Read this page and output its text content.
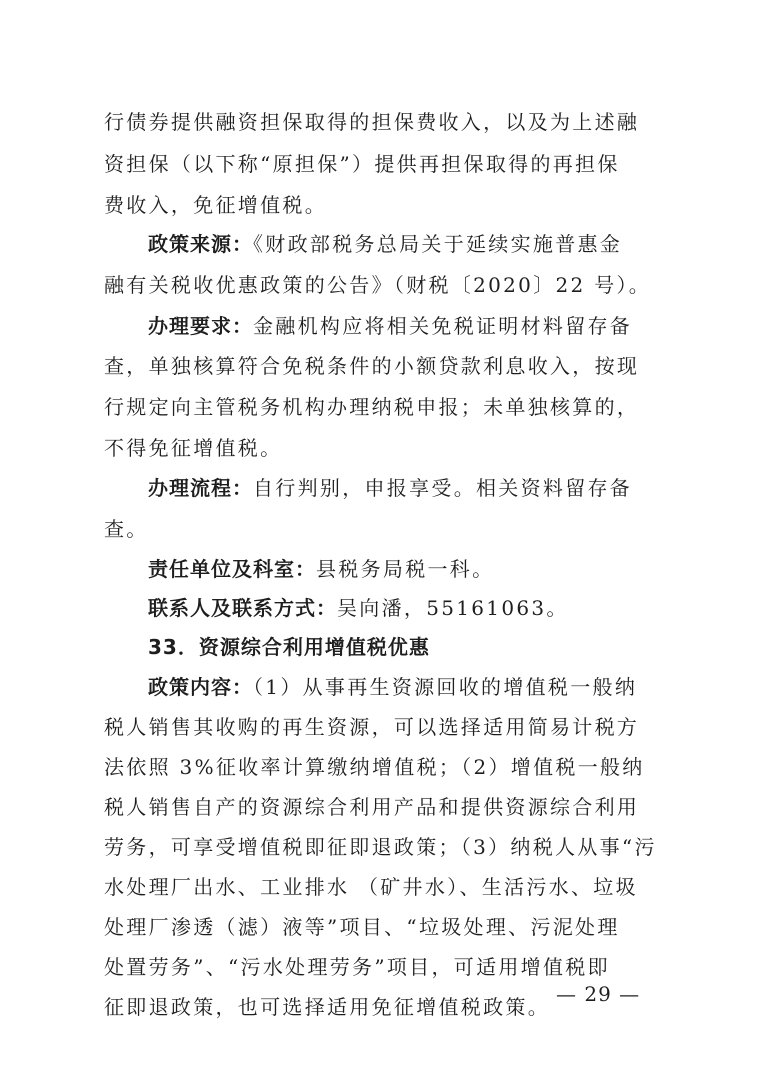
行债券提供融资担保取得的担保费收入，以及为上述融
资担保（以下称“原担保”）提供再担保取得的再担保
费收入，免征增值税。
政策来源：《财政部税务总局关于延续实施普惠金
融有关税收优惠政策的公告》（财税〔2020〕22 号）。
办理要求：金融机构应将相关免税证明材料留存备
查，单独核算符合免税条件的小额贷款利息收入，按现
行规定向主管税务机构办理纳税申报；未单独核算的，
不得免征增值税。
办理流程：自行判别，申报享受。相关资料留存备
查。
责任单位及科室：县税务局税一科。
联系人及联系方式：吴向潘，55161063。
33．资源综合利用增值税优惠
政策内容：（1）从事再生资源回收的增值税一般纳
税人销售其收购的再生资源，可以选择适用简易计税方
法依照 3%征收率计算缴纳增值税；（2）增值税一般纳
税人销售自产的资源综合利用产品和提供资源综合利用
劳务，可享受增值税即征即退政策；（3）纳税人从事“污
水处理厂出水、工业排水 （矿井水）、生活污水、垃圾
处理厂渗透（滤）液等”项目、“垃圾处理、污泥处理
处置劳务”、“污水处理劳务”项目，可适用增值税即
征即退政策，也可选择适用免征增值税政策。
— 29 —
